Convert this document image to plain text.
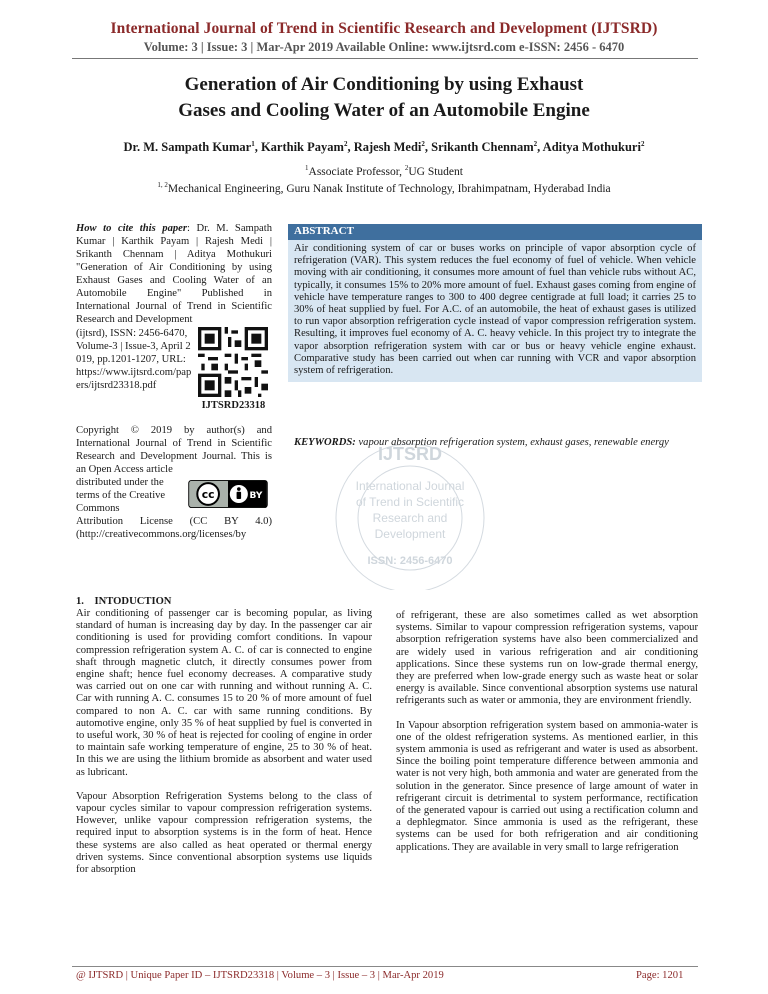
International Journal of Trend in Scientific Research and Development (IJTSRD)
Volume: 3 | Issue: 3 | Mar-Apr 2019 Available Online: www.ijtsrd.com e-ISSN: 2456 - 6470
Generation of Air Conditioning by using Exhaust
Gases and Cooling Water of an Automobile Engine
Dr. M. Sampath Kumar$^1$, Karthik Payam$^2$, Rajesh Medi$^2$, Srikanth Chennam$^2$, Aditya Mothukuri$^2$
$^1$Associate Professor, $^2$UG Student
$^{1, 2}$Mechanical Engineering, Guru Nanak Institute of Technology, Ibrahimpatnam, Hyderabad India
How to cite this paper: Dr. M. Sampath Kumar | Karthik Payam | Rajesh Medi | Srikanth Chennam | Aditya Mothukuri "Generation of Air Conditioning by using Exhaust Gases and Cooling Water of an Automobile Engine" Published in International Journal of Trend in Scientific Research and Development
(ijtsrd), ISSN: 2456-6470, Volume-3 | Issue-3, April 2019, pp.1201-1207, URL: https://www.ijtsrd.com/papers/ijtsrd23318.pdf
IJTSRD23318
Copyright © 2019 by author(s) and International Journal of Trend in Scientific Research and Development Journal. This is an Open Access article
distributed under the terms of the Creative Commons
cc	BY
Attribution License (CC BY 4.0) (http://creativecommons.org/licenses/by
Air conditioning system of car or buses works on principle of vapor absorption cycle of refrigeration (VAR). This system reduces the fuel economy of fuel of vehicle. When vehicle moving with air conditioning, it consumes more amount of fuel than vehicle rubs without AC, typically, it consumes 15% to 20% more amount of fuel. Exhaust gases coming from engine of vehicle have temperature ranges to 300 to 400 degree centigrade at full load; it carries 25 to 30% of heat supplied by fuel. For A.C. of an automobile, the heat of exhaust gases is utilized to run vapor absorption refrigeration cycle instead of vapor compression refrigeration system. Resulting, it improves fuel economy of A. C. heavy vehicle. In this project try to integrate the vapor absorption refrigeration system with car or bus or heavy vehicle engine exhaust. Comparative study has been carried out when car running with VCR and vapor absorption system of refrigeration.
ABSTRACT
IJTSRD
International Journal
of Trend in Scientific
Research and
Development
ISSN: 2456-6470
KEYWORDS: vapour absorption refrigeration system, exhaust gases, renewable energy
1.    INTODUCTION

Air conditioning of passenger car is becoming popular, as living standard of human is increasing day by day. In the passenger car air conditioning is used for providing comfort conditions. In vapour compression refrigeration system A. C. of car is connected to engine shaft through magnetic clutch, it directly consumes power from engine shaft; hence fuel economy decreases. A comparative study was carried out on one car with running and without running A. C. Car with running A. C. consumes 15 to 20 % of more amount of fuel compared to non A. C. car with same running conditions. By automotive engine, only 35 % of heat supplied by fuel is converted in to useful work, 30 % of heat is rejected for cooling of engine in order to maintain safe working temperature of engine, 25 to 30 % of heat. In this we are using the lithium bromide as absorbent and water used as lubricant.

Vapour Absorption Refrigeration Systems belong to the class of vapour cycles similar to vapour compression refrigeration systems. However, unlike vapour compression refrigeration systems, the required input to absorption systems is in the form of heat. Hence these systems are also called as heat operated or thermal energy driven systems. Since conventional absorption systems use liquids for absorption

of refrigerant, these are also sometimes called as wet absorption systems. Similar to vapour compression refrigeration systems, vapour absorption refrigeration systems have also been commercialized and are widely used in various refrigeration and air conditioning applications. Since these systems run on low-grade thermal energy, they are preferred when low-grade energy such as waste heat or solar energy is available. Since conventional absorption systems use natural refrigerants such as water or ammonia, they are environment friendly.

In Vapour absorption refrigeration system based on ammonia-water is one of the oldest refrigeration systems. As mentioned earlier, in this system ammonia is used as refrigerant and water is used as absorbent. Since the boiling point temperature difference between ammonia and water is not very high, both ammonia and water are generated from the solution in the generator. Since presence of large amount of water in refrigerant circuit is detrimental to system performance, rectification of the generated vapour is carried out using a rectification column and a dephlegmator. Since ammonia is used as the refrigerant, these systems can be used for both refrigeration and air conditioning applications. They are available in very small to large refrigeration

@ IJTSRD | Unique Paper ID – IJTSRD23318 | Volume – 3 | Issue – 3 | Mar-Apr 2019	Page: 1201
